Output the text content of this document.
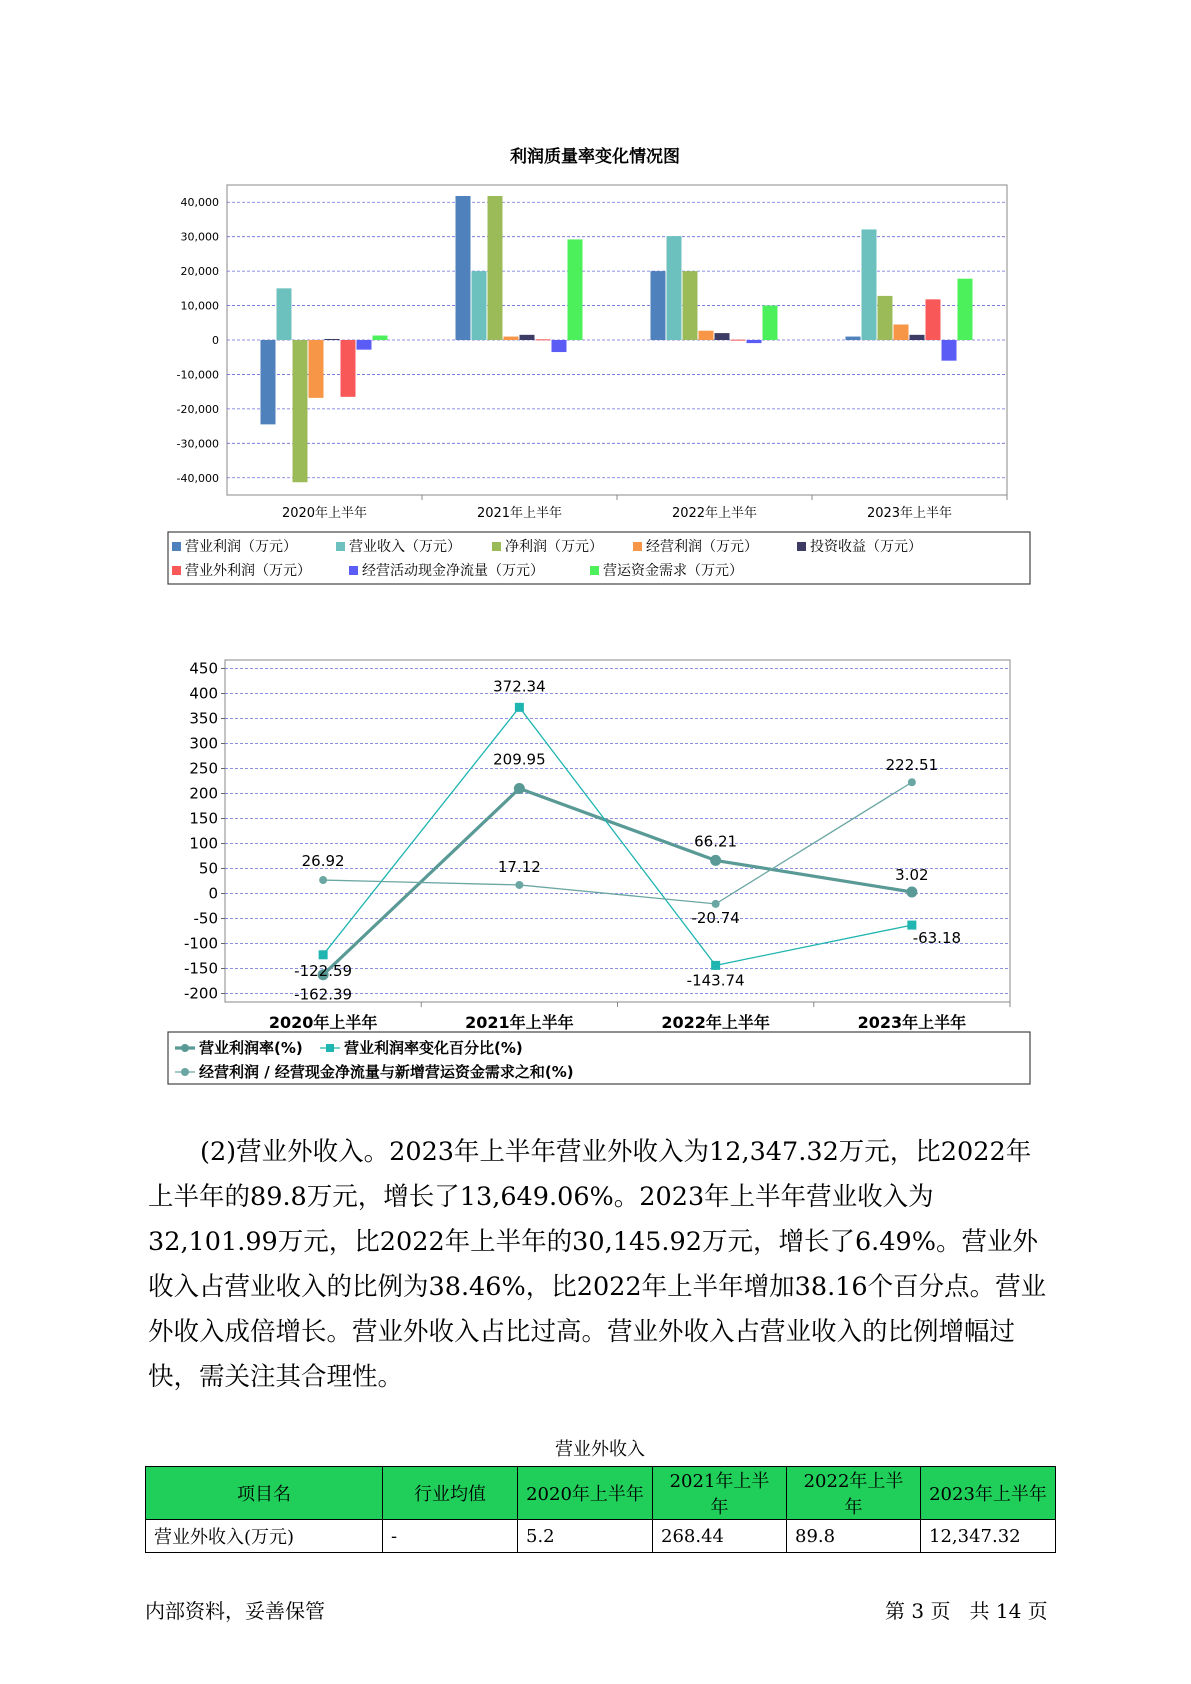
利润质量率变化情况图
40,000
30,000
20,000
10,000
0
-10,000
-20,000
-30,000
-40,000
2020年上半年	2021年上半年	2022年上半年	2023年上半年
营业利润（万元）	营业收入（万元）	净利润（万元）	经营利润（万元）	投资收益（万元）
营业外利润（万元）	经营活动现金净流量（万元）	营运资金需求（万元）
450
400
350
300
250
200
150
100
50
0
-50
-100
-150
-200	-162.39
209.95
66.21
3.02
-122.59
372.34
-143.74
-63.18
26.92	17.12
-20.74
222.51
2020年上半年	2021年上半年	2022年上半年	2023年上半年
营业利润率(%)	营业利润率变化百分比(%)
经营利润 / 经营现金净流量与新增营运资金需求之和(%)

(2)营业外收入。2023年上半年营业外收入为12,347.32万元，比2022年上半年的89.8万元，增长了13,649.06%。2023年上半年营业收入为32,101.99万元，比2022年上半年的30,145.92万元，增长了6.49%。营业外收入占营业收入的比例为38.46%，比2022年上半年增加38.16个百分点。营业外收入成倍增长。营业外收入占比过高。营业外收入占营业收入的比例增幅过快，需关注其合理性。

营业外收入
项目名	行业均值	2020年上半年	2021年上半年	2022年上半年	2023年上半年
营业外收入(万元)	-	5.2	268.44	89.8	12,347.32
内部资料，妥善保管	第 3 页   共 14 页
